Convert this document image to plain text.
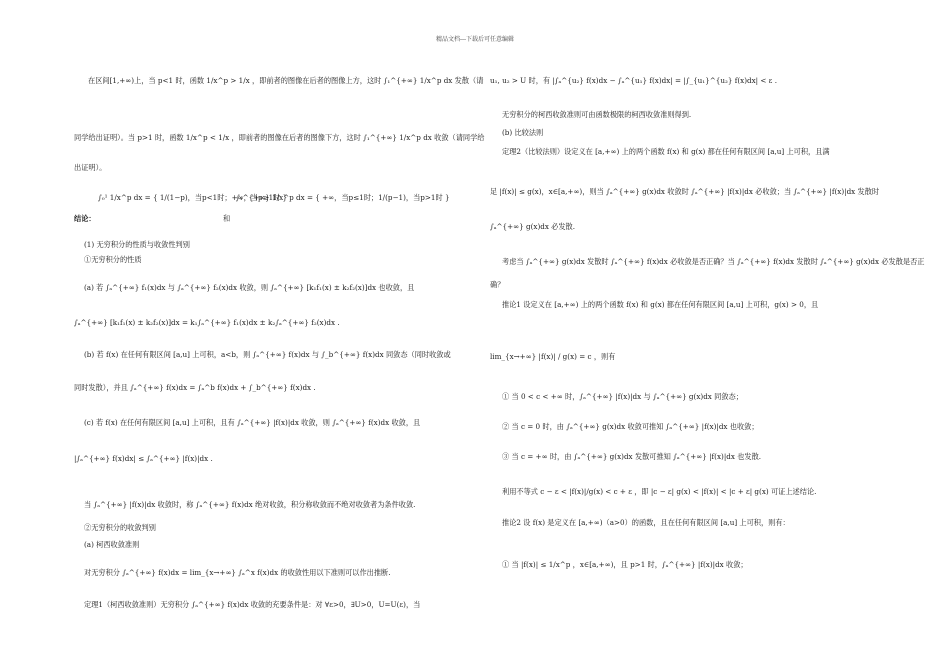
精品文档---下载后可任意编辑
在区间[1,+∞)上，当 p<1 时，函数 1/x^p > 1/x ，即前者的图像在后者的图像上方，这时 ∫₁^{+∞} 1/x^p dx 发散（请
同学给出证明）。当 p>1 时，函数 1/x^p < 1/x ，即前者的图像在后者的图像下方，这时 ∫₁^{+∞} 1/x^p dx 收敛（请同学给
出证明）。
∫₀¹ 1/x^p dx = { 1/(1−p)，当p<1时；+∞，当p≥1时 }
∫₁^{+∞} 1/x^p dx = { +∞，当p≤1时；1/(p−1)，当p>1时 }
结论：	和
(1) 无穷积分的性质与收敛性判别
①无穷积分的性质
(a) 若 ∫ₐ^{+∞} f₁(x)dx 与 ∫ₐ^{+∞} f₂(x)dx 收敛，则 ∫ₐ^{+∞} [k₁f₁(x) ± k₂f₂(x)]dx 也收敛，且
∫ₐ^{+∞} [k₁f₁(x) ± k₂f₂(x)]dx = k₁∫ₐ^{+∞} f₁(x)dx ± k₂∫ₐ^{+∞} f₂(x)dx .
(b) 若 f(x) 在任何有限区间 [a,u] 上可积，a<b，则 ∫ₐ^{+∞} f(x)dx 与 ∫_b^{+∞} f(x)dx 同敛态（同时收敛或
同时发散），并且 ∫ₐ^{+∞} f(x)dx = ∫ₐ^b f(x)dx + ∫_b^{+∞} f(x)dx .
(c) 若 f(x) 在任何有限区间 [a,u] 上可积，且有 ∫ₐ^{+∞} |f(x)|dx 收敛，则 ∫ₐ^{+∞} f(x)dx 收敛，且
|∫ₐ^{+∞} f(x)dx| ≤ ∫ₐ^{+∞} |f(x)|dx .
当 ∫ₐ^{+∞} |f(x)|dx 收敛时，称 ∫ₐ^{+∞} f(x)dx 绝对收敛，积分称收敛而不绝对收敛者为条件收敛.
②无穷积分的收敛判别
(a) 柯西收敛准则
对无穷积分 ∫ₐ^{+∞} f(x)dx = lim_{x→+∞} ∫ₐ^x f(x)dx 的收敛性用以下准则可以作出推断.
定理1（柯西收敛准则）无穷积分 ∫ₐ^{+∞} f(x)dx 收敛的充要条件是：对 ∀ε>0，∃U>0，U=U(ε)，当
u₁, u₂ > U 时，有 |∫ₐ^{u₂} f(x)dx − ∫ₐ^{u₁} f(x)dx| = |∫_{u₁}^{u₂} f(x)dx| < ε .
无穷积分的柯西收敛准则可由函数极限的柯西收敛准则得到.
(b) 比较法则
定理2（比较法则）设定义在 [a,+∞) 上的两个函数 f(x) 和 g(x) 都在任何有限区间 [a,u] 上可积，且满
足 |f(x)| ≤ g(x)，x∈[a,+∞)，则当 ∫ₐ^{+∞} g(x)dx 收敛时 ∫ₐ^{+∞} |f(x)|dx 必收敛；当 ∫ₐ^{+∞} |f(x)|dx 发散时
∫ₐ^{+∞} g(x)dx 必发散.
考虑当 ∫ₐ^{+∞} g(x)dx 发散时 ∫ₐ^{+∞} f(x)dx 必收敛是否正确？当 ∫ₐ^{+∞} f(x)dx 发散时 ∫ₐ^{+∞} g(x)dx 必发散是否正
确？
推论1 设定义在 [a,+∞) 上的两个函数 f(x) 和 g(x) 都在任何有限区间 [a,u] 上可积，g(x) > 0，且
lim_{x→+∞} |f(x)| / g(x) = c ，则有
① 当 0 < c < +∞ 时，∫ₐ^{+∞} |f(x)|dx 与 ∫ₐ^{+∞} g(x)dx 同敛态；
② 当 c = 0 时，由 ∫ₐ^{+∞} g(x)dx 收敛可推知 ∫ₐ^{+∞} |f(x)|dx 也收敛；
③ 当 c = +∞ 时，由 ∫ₐ^{+∞} g(x)dx 发散可推知 ∫ₐ^{+∞} |f(x)|dx 也发散.
利用不等式 c − ε < |f(x)|/g(x) < c + ε ，即 |c − ε| g(x) < |f(x)| < |c + ε| g(x) 可证上述结论.
推论2 设 f(x) 是定义在 [a,+∞)（a>0）的函数，且在任何有限区间 [a,u] 上可积，则有：
① 当 |f(x)| ≤ 1/x^p ，x∈[a,+∞)，且 p>1 时，∫ₐ^{+∞} |f(x)|dx 收敛；
